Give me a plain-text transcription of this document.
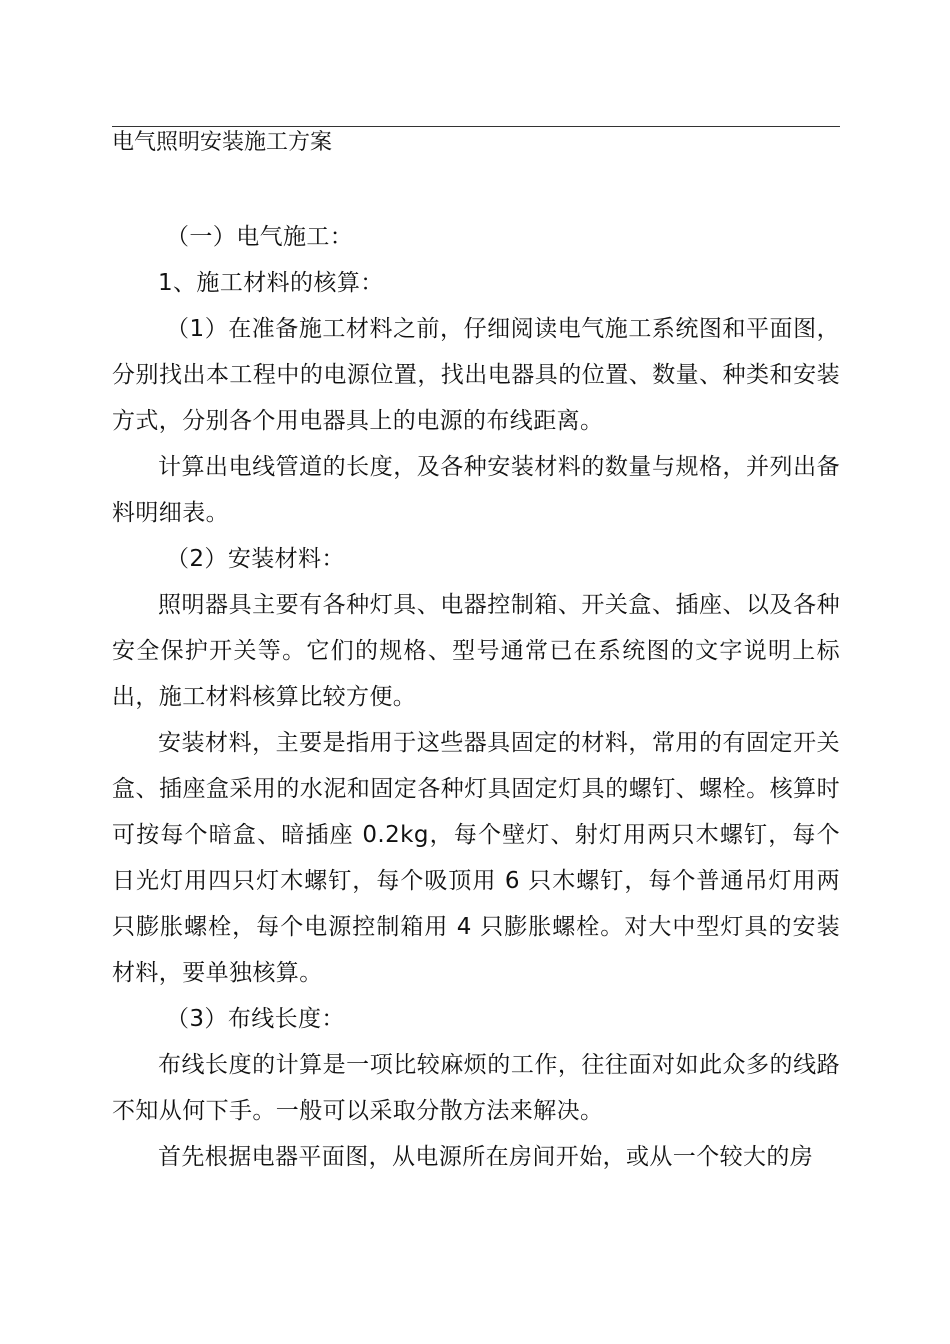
电气照明安装施工方案

（一）电气施工：

1、施工材料的核算：

（1）在准备施工材料之前，仔细阅读电气施工系统图和平面图，分别找出本工程中的电源位置，找出电器具的位置、数量、种类和安装方式，分别各个用电器具上的电源的布线距离。

计算出电线管道的长度，及各种安装材料的数量与规格，并列出备料明细表。

（2）安装材料：

照明器具主要有各种灯具、电器控制箱、开关盒、插座、以及各种安全保护开关等。它们的规格、型号通常已在系统图的文字说明上标出，施工材料核算比较方便。

安装材料，主要是指用于这些器具固定的材料，常用的有固定开关盒、插座盒采用的水泥和固定各种灯具固定灯具的螺钉、螺栓。核算时可按每个暗盒、暗插座 0.2kg，每个壁灯、射灯用两只木螺钉，每个日光灯用四只灯木螺钉，每个吸顶用 6 只木螺钉，每个普通吊灯用两只膨胀螺栓，每个电源控制箱用 4 只膨胀螺栓。对大中型灯具的安装材料，要单独核算。

（3）布线长度：

布线长度的计算是一项比较麻烦的工作，往往面对如此众多的线路不知从何下手。一般可以采取分散方法来解决。

首先根据电器平面图，从电源所在房间开始，或从一个较大的房
